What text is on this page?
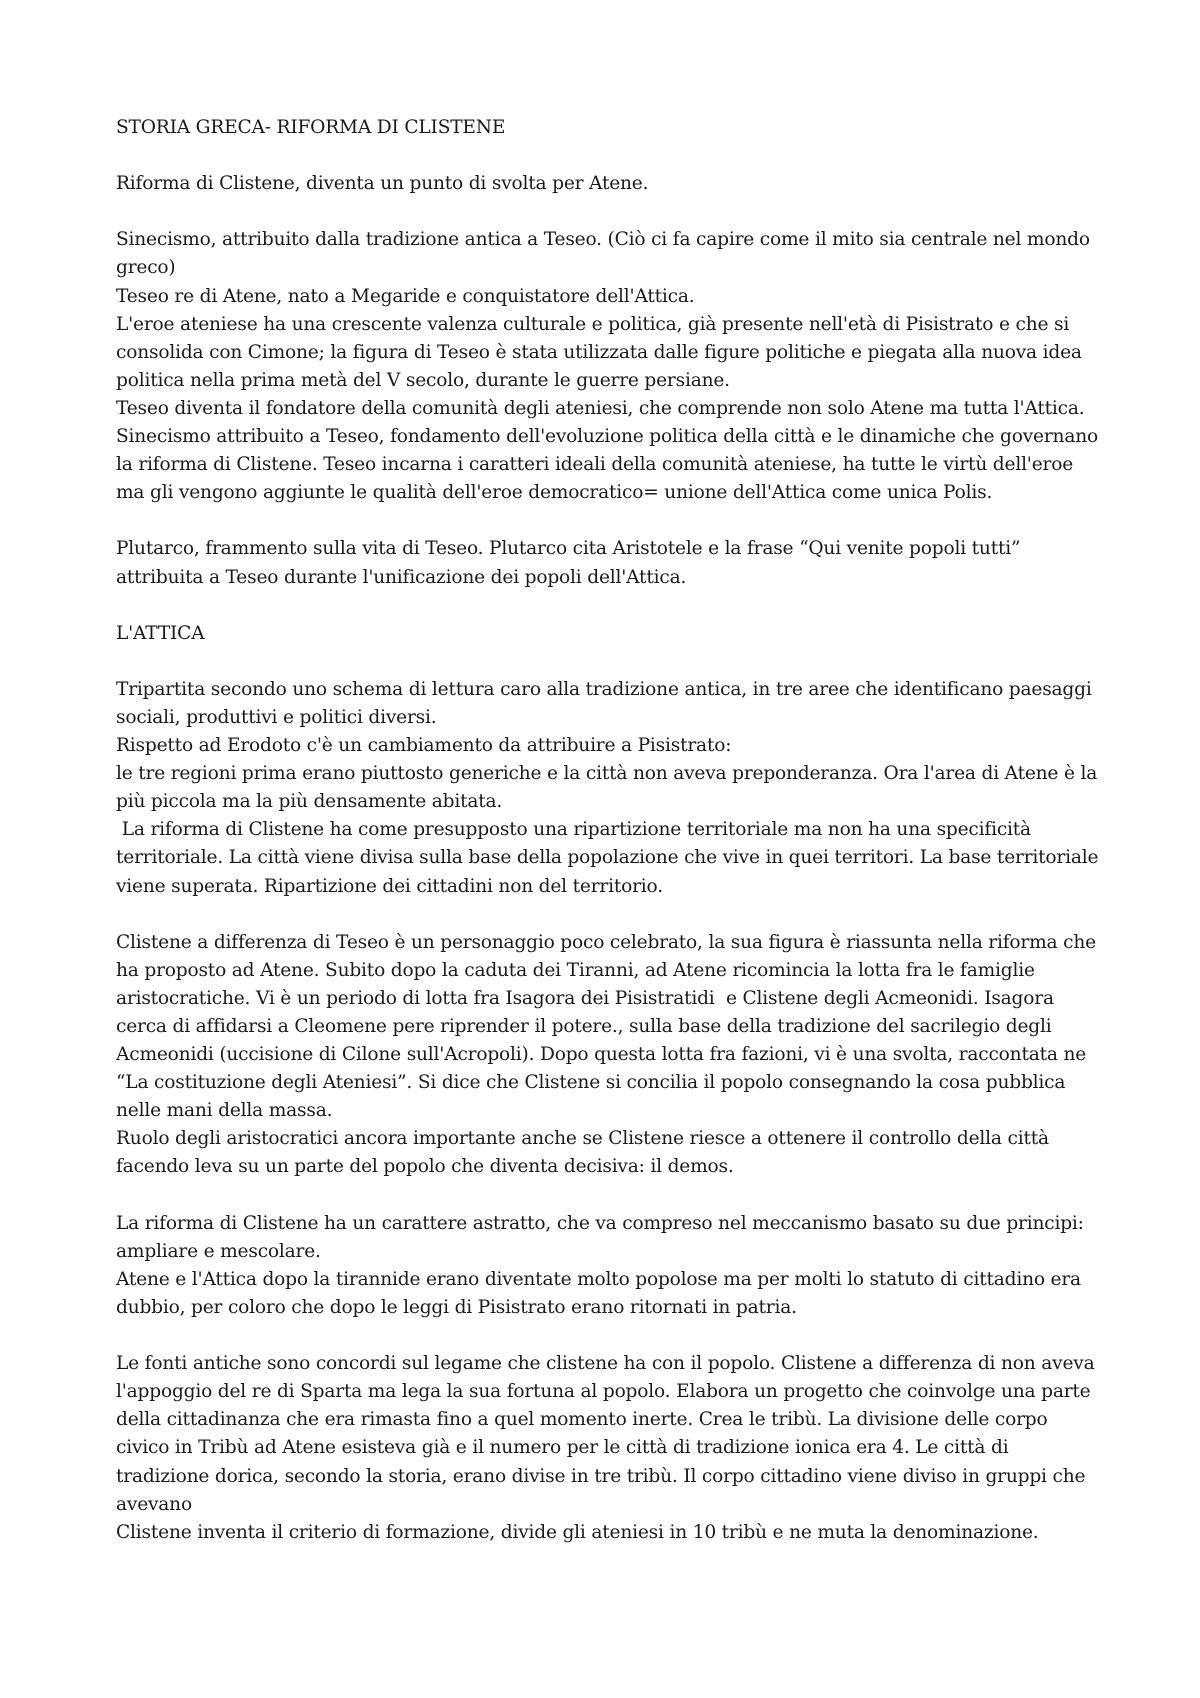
STORIA GRECA- RIFORMA DI CLISTENE

Riforma di Clistene, diventa un punto di svolta per Atene.

Sinecismo, attribuito dalla tradizione antica a Teseo. (Ciò ci fa capire come il mito sia centrale nel mondo greco)
Teseo re di Atene, nato a Megaride e conquistatore dell'Attica.
L'eroe ateniese ha una crescente valenza culturale e politica, già presente nell'età di Pisistrato e che si consolida con Cimone; la figura di Teseo è stata utilizzata dalle figure politiche e piegata alla nuova idea politica nella prima metà del V secolo, durante le guerre persiane.
Teseo diventa il fondatore della comunità degli ateniesi, che comprende non solo Atene ma tutta l'Attica. Sinecismo attribuito a Teseo, fondamento dell'evoluzione politica della città e le dinamiche che governano la riforma di Clistene. Teseo incarna i caratteri ideali della comunità ateniese, ha tutte le virtù dell'eroe ma gli vengono aggiunte le qualità dell'eroe democratico= unione dell'Attica come unica Polis.

Plutarco, frammento sulla vita di Teseo. Plutarco cita Aristotele e la frase “Qui venite popoli tutti” attribuita a Teseo durante l'unificazione dei popoli dell'Attica.

L'ATTICA

Tripartita secondo uno schema di lettura caro alla tradizione antica, in tre aree che identificano paesaggi sociali, produttivi e politici diversi.
Rispetto ad Erodoto c'è un cambiamento da attribuire a Pisistrato:
le tre regioni prima erano piuttosto generiche e la città non aveva preponderanza. Ora l'area di Atene è la più piccola ma la più densamente abitata.
La riforma di Clistene ha come presupposto una ripartizione territoriale ma non ha una specificità territoriale. La città viene divisa sulla base della popolazione che vive in quei territori. La base territoriale viene superata. Ripartizione dei cittadini non del territorio.

Clistene a differenza di Teseo è un personaggio poco celebrato, la sua figura è riassunta nella riforma che ha proposto ad Atene. Subito dopo la caduta dei Tiranni, ad Atene ricomincia la lotta fra le famiglie aristocratiche. Vi è un periodo di lotta fra Isagora dei Pisistratidi  e Clistene degli Acmeonidi. Isagora cerca di affidarsi a Cleomene pere riprender il potere., sulla base della tradizione del sacrilegio degli Acmeonidi (uccisione di Cilone sull'Acropoli). Dopo questa lotta fra fazioni, vi è una svolta, raccontata ne “La costituzione degli Ateniesi”. Si dice che Clistene si concilia il popolo consegnando la cosa pubblica nelle mani della massa.
Ruolo degli aristocratici ancora importante anche se Clistene riesce a ottenere il controllo della città facendo leva su un parte del popolo che diventa decisiva: il demos.

La riforma di Clistene ha un carattere astratto, che va compreso nel meccanismo basato su due principi: ampliare e mescolare.
Atene e l'Attica dopo la tirannide erano diventate molto popolose ma per molti lo statuto di cittadino era dubbio, per coloro che dopo le leggi di Pisistrato erano ritornati in patria.

Le fonti antiche sono concordi sul legame che clistene ha con il popolo. Clistene a differenza di non aveva l'appoggio del re di Sparta ma lega la sua fortuna al popolo. Elabora un progetto che coinvolge una parte della cittadinanza che era rimasta fino a quel momento inerte. Crea le tribù. La divisione delle corpo civico in Tribù ad Atene esisteva già e il numero per le città di tradizione ionica era 4. Le città di tradizione dorica, secondo la storia, erano divise in tre tribù. Il corpo cittadino viene diviso in gruppi che avevano
Clistene inventa il criterio di formazione, divide gli ateniesi in 10 tribù e ne muta la denominazione.
